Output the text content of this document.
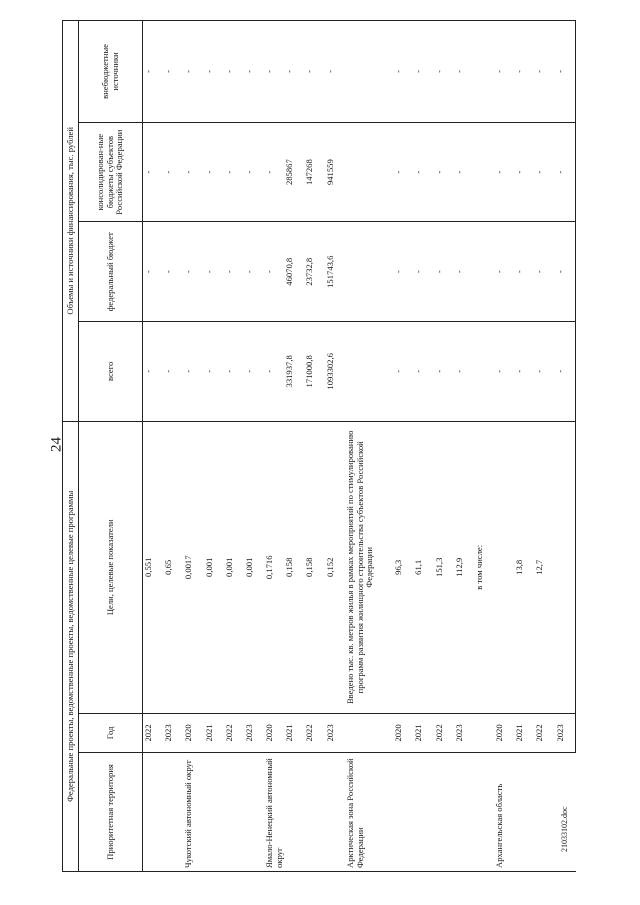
24
21033102.doc
Федеральные проекты, ведомственные проекты, ведомственные целевые программы			Объемы и источники финансирования, тыс. рублей			
Приоритетная территория	Год	Цели, целевые показатели	всего	федеральный бюджет	консолидирован-ные бюджеты субъектов Российской Федерации	внебюджетные источники
	2022	0,551	-	-	-	-
	2023	0,65	-	-	-	-
Чукотский автономный округ	2020	0,0017	-	-	-	-
	2021	0,001	-	-	-	-
	2022	0,001	-	-	-	-
	2023	0,001	-	-	-	-
Ямало-Ненецкий автономный округ	2020	0,1716	-	-	-	-
	2021	0,158	331937,8	46070,8	285867	-
	2022	0,158	171000,8	23732,8	147268	-
	2023	0,152	1093302,6	151743,6	941559	-
Арктическая зона Российской Федерации		Введено тыс. кв. метров жилья в рамках мероприятий по стимулированию программ развития жилищного строительства субъектов Российской Федерации				
	2020	96,3	-	-	-	-
	2021	61,1	-	-	-	-
	2022	151,3	-	-	-	-
	2023	112,9	-	-	-	-
		в том числе:				
Архангельская область	2020		-	-	-	-
	2021	13,8	-	-	-	-
	2022	12,7	-	-	-	-
	2023		-	-	-	-
